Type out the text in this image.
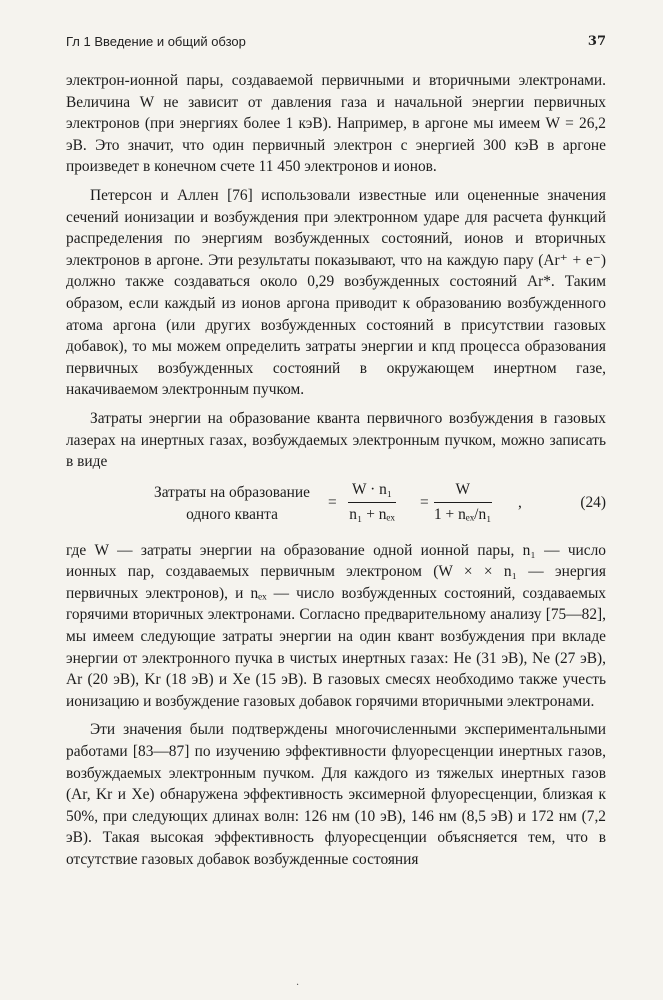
Гл 1 Введение и общий обзор	37

электрон-ионной пары, создаваемой первичными и вторичными электронами. Величина W не зависит от давления газа и начальной энергии первичных электронов (при энергиях более 1 кэВ). Например, в аргоне мы имеем W = 26,2 эВ. Это значит, что один первичный электрон с энергией 300 кэВ в аргоне произведет в конечном счете 11 450 электронов и ионов.

Петерсон и Аллен [76] использовали известные или оцененные значения сечений ионизации и возбуждения при электронном ударе для расчета функций распределения по энергиям возбужденных состояний, ионов и вторичных электронов в аргоне. Эти результаты показывают, что на каждую пару (Ar⁺ + e⁻) должно также создаваться около 0,29 возбужденных состояний Ar*. Таким образом, если каждый из ионов аргона приводит к образованию возбужденного атома аргона (или других возбужденных состояний в присутствии газовых добавок), то мы можем определить затраты энергии и кпд процесса образования первичных возбужденных состояний в окружающем инертном газе, накачиваемом электронным пучком.

Затраты энергии на образование кванта первичного возбуждения в газовых лазерах на инертных газах, возбуждаемых электронным пучком, можно записать в виде

Затраты на образование
одного кванта
=
W · n₁
n₁ + nₑₓ
=
W
1 + nₑₓ/n₁
,	(24)

где W — затраты энергии на образование одной ионной пары, n₁ — число ионных пар, создаваемых первичным электроном (W × × n₁ — энергия первичных электронов), и nₑₓ — число возбужденных состояний, создаваемых горячими вторичных электронами. Согласно предварительному анализу [75—82], мы имеем следующие затраты энергии на один квант возбуждения при вкладе энергии от электронного пучка в чистых инертных газах: He (31 эВ), Ne (27 эВ), Ar (20 эВ), Kr (18 эВ) и Xe (15 эВ). В газовых смесях необходимо также учесть ионизацию и возбуждение газовых добавок горячими вторичными электронами.

Эти значения были подтверждены многочисленными экспериментальными работами [83—87] по изучению эффективности флуоресценции инертных газов, возбуждаемых электронным пучком. Для каждого из тяжелых инертных газов (Ar, Kr и Xe) обнаружена эффективность эксимерной флуоресценции, близкая к 50%, при следующих длинах волн: 126 нм (10 эВ), 146 нм (8,5 эВ) и 172 нм (7,2 эВ). Такая высокая эффективность флуоресценции объясняется тем, что в отсутствие газовых добавок возбужденные состояния

·
